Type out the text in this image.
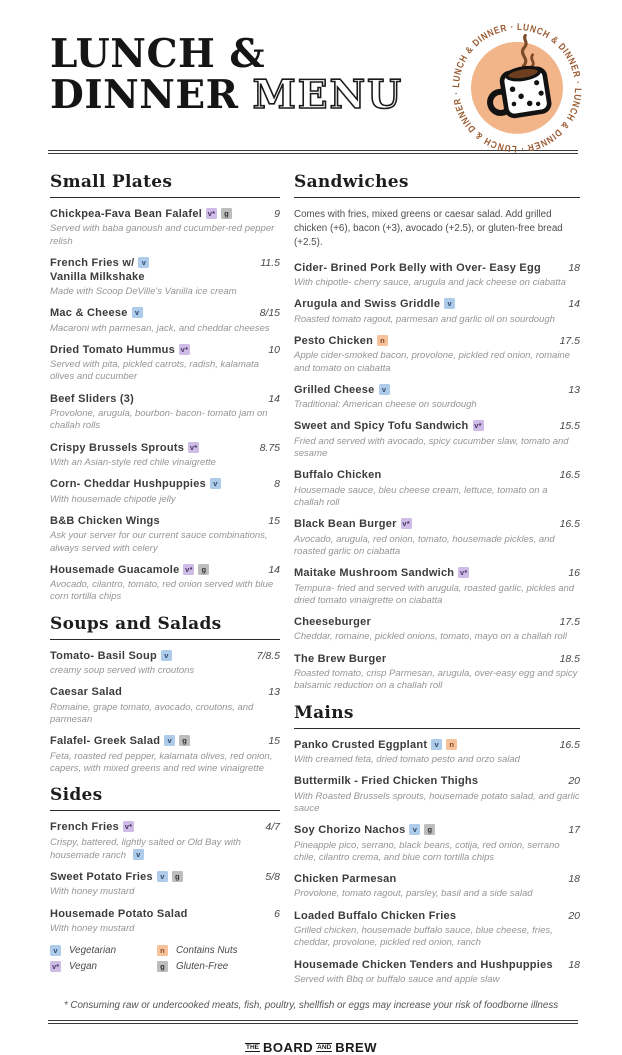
LUNCH &
DINNER MENU
LUNCH & DINNER · LUNCH & DINNER · LUNCH & DINNER · LUNCH & DINNER ·
Small Plates
Chickpea-Fava Bean Falafel v* g	9

Served with baba ganoush and cucumber-red pepper relish

French Fries w/ v	11.5
Vanilla Milkshake

Made with Scoop DeVille's Vanilla ice cream

Mac & Cheese v	8/15

Macaroni wth parmesan, jack, and cheddar cheeses

Dried Tomato Hummus v*	10

Served with pita, pickled carrots, radish, kalamata olives and cucumber

Beef Sliders (3)	14

Provolone, arugula, bourbon- bacon- tomato jam on challah rolls

Crispy Brussels Sprouts v*	8.75

With an Asian-style red chile vinaigrette

Corn- Cheddar Hushpuppies v	8

With housemade chipotle jelly

B&B Chicken Wings	15

Ask your server for our current sauce combinations, always served with celery

Housemade Guacamole v* g	14

Avocado, cilantro, tomato, red onion served with blue corn tortilla chips

Soups and Salads
Tomato- Basil Soup v	7/8.5

creamy soup served with croutons

Caesar Salad	13

Romaine, grape tomato, avocado, croutons, and parmesan

Falafel- Greek Salad v g	15

Feta, roasted red pepper, kalamata olives, red onion, capers, with mixed greens and red wine vinaigrette

Sides
French Fries v*	4/7

Crispy, battered, lightly salted or Old Bay with housemade ranch v

Sweet Potato Fries v g	5/8

With honey mustard

Housemade Potato Salad	6

With honey mustard

v	Vegetarian	n	Contains Nuts
v* Vegan	g	Gluten-Free
Sandwiches

Comes with fries, mixed greens or caesar salad. Add grilled chicken (+6), bacon (+3), avocado (+2.5), or gluten-free bread (+2.5).

Cider- Brined Pork Belly with Over- Easy Egg	18

With chipotle- cherry sauce, arugula and jack cheese on ciabatta

Arugula and Swiss Griddle v	14

Roasted tomato ragout, parmesan and garlic oil on sourdough

Pesto Chicken n	17.5

Apple cider-smoked bacon, provolone, pickled red onion, romaine and tomato on ciabatta

Grilled Cheese v	13

Traditional: American cheese on sourdough

Sweet and Spicy Tofu Sandwich v*	15.5

Fried and served with avocado, spicy cucumber slaw, tomato and sesame

Buffalo Chicken	16.5

Housemade sauce, bleu cheese cream, lettuce, tomato on a challah roll

Black Bean Burger v*	16.5

Avocado, arugula, red onion, tomato, housemade pickles, and roasted garlic on ciabatta

Maitake Mushroom Sandwich v*	16

Tempura- fried and served with arugula, roasted garlic, pickles and dried tomato vinaigrette on ciabatta

Cheeseburger	17.5

Cheddar, romaine, pickled onions, tomato, mayo on a challah roll

The Brew Burger	18.5

Roasted tomato, crisp Parmesan, arugula, over-easy egg and spicy balsamic reduction on a challah roll

Mains
Panko Crusted Eggplant v n	16.5

With creamed feta, dried tomato pesto and orzo salad

Buttermilk - Fried Chicken Thighs	20

With Roasted Brussels sprouts, housemade potato salad, and garlic sauce

Soy Chorizo Nachos v g	17

Pineapple pico, serrano, black beans, cotija, red onion, serrano chile, cilantro crema, and blue corn tortilla chips

Chicken Parmesan	18

Provolone, tomato ragout, parsley, basil and a side salad

Loaded Buffalo Chicken Fries	20

Grilled chicken, housemade buffalo sauce, blue cheese, fries, cheddar, provolone, pickled red onion, ranch

Housemade Chicken Tenders and Hushpuppies 18

Served with Bbq or buffalo sauce and apple slaw

* Consuming raw or undercooked meats, fish, poultry, shellfish or eggs may increase your risk of foodborne illness

THE BOARD AND BREW
